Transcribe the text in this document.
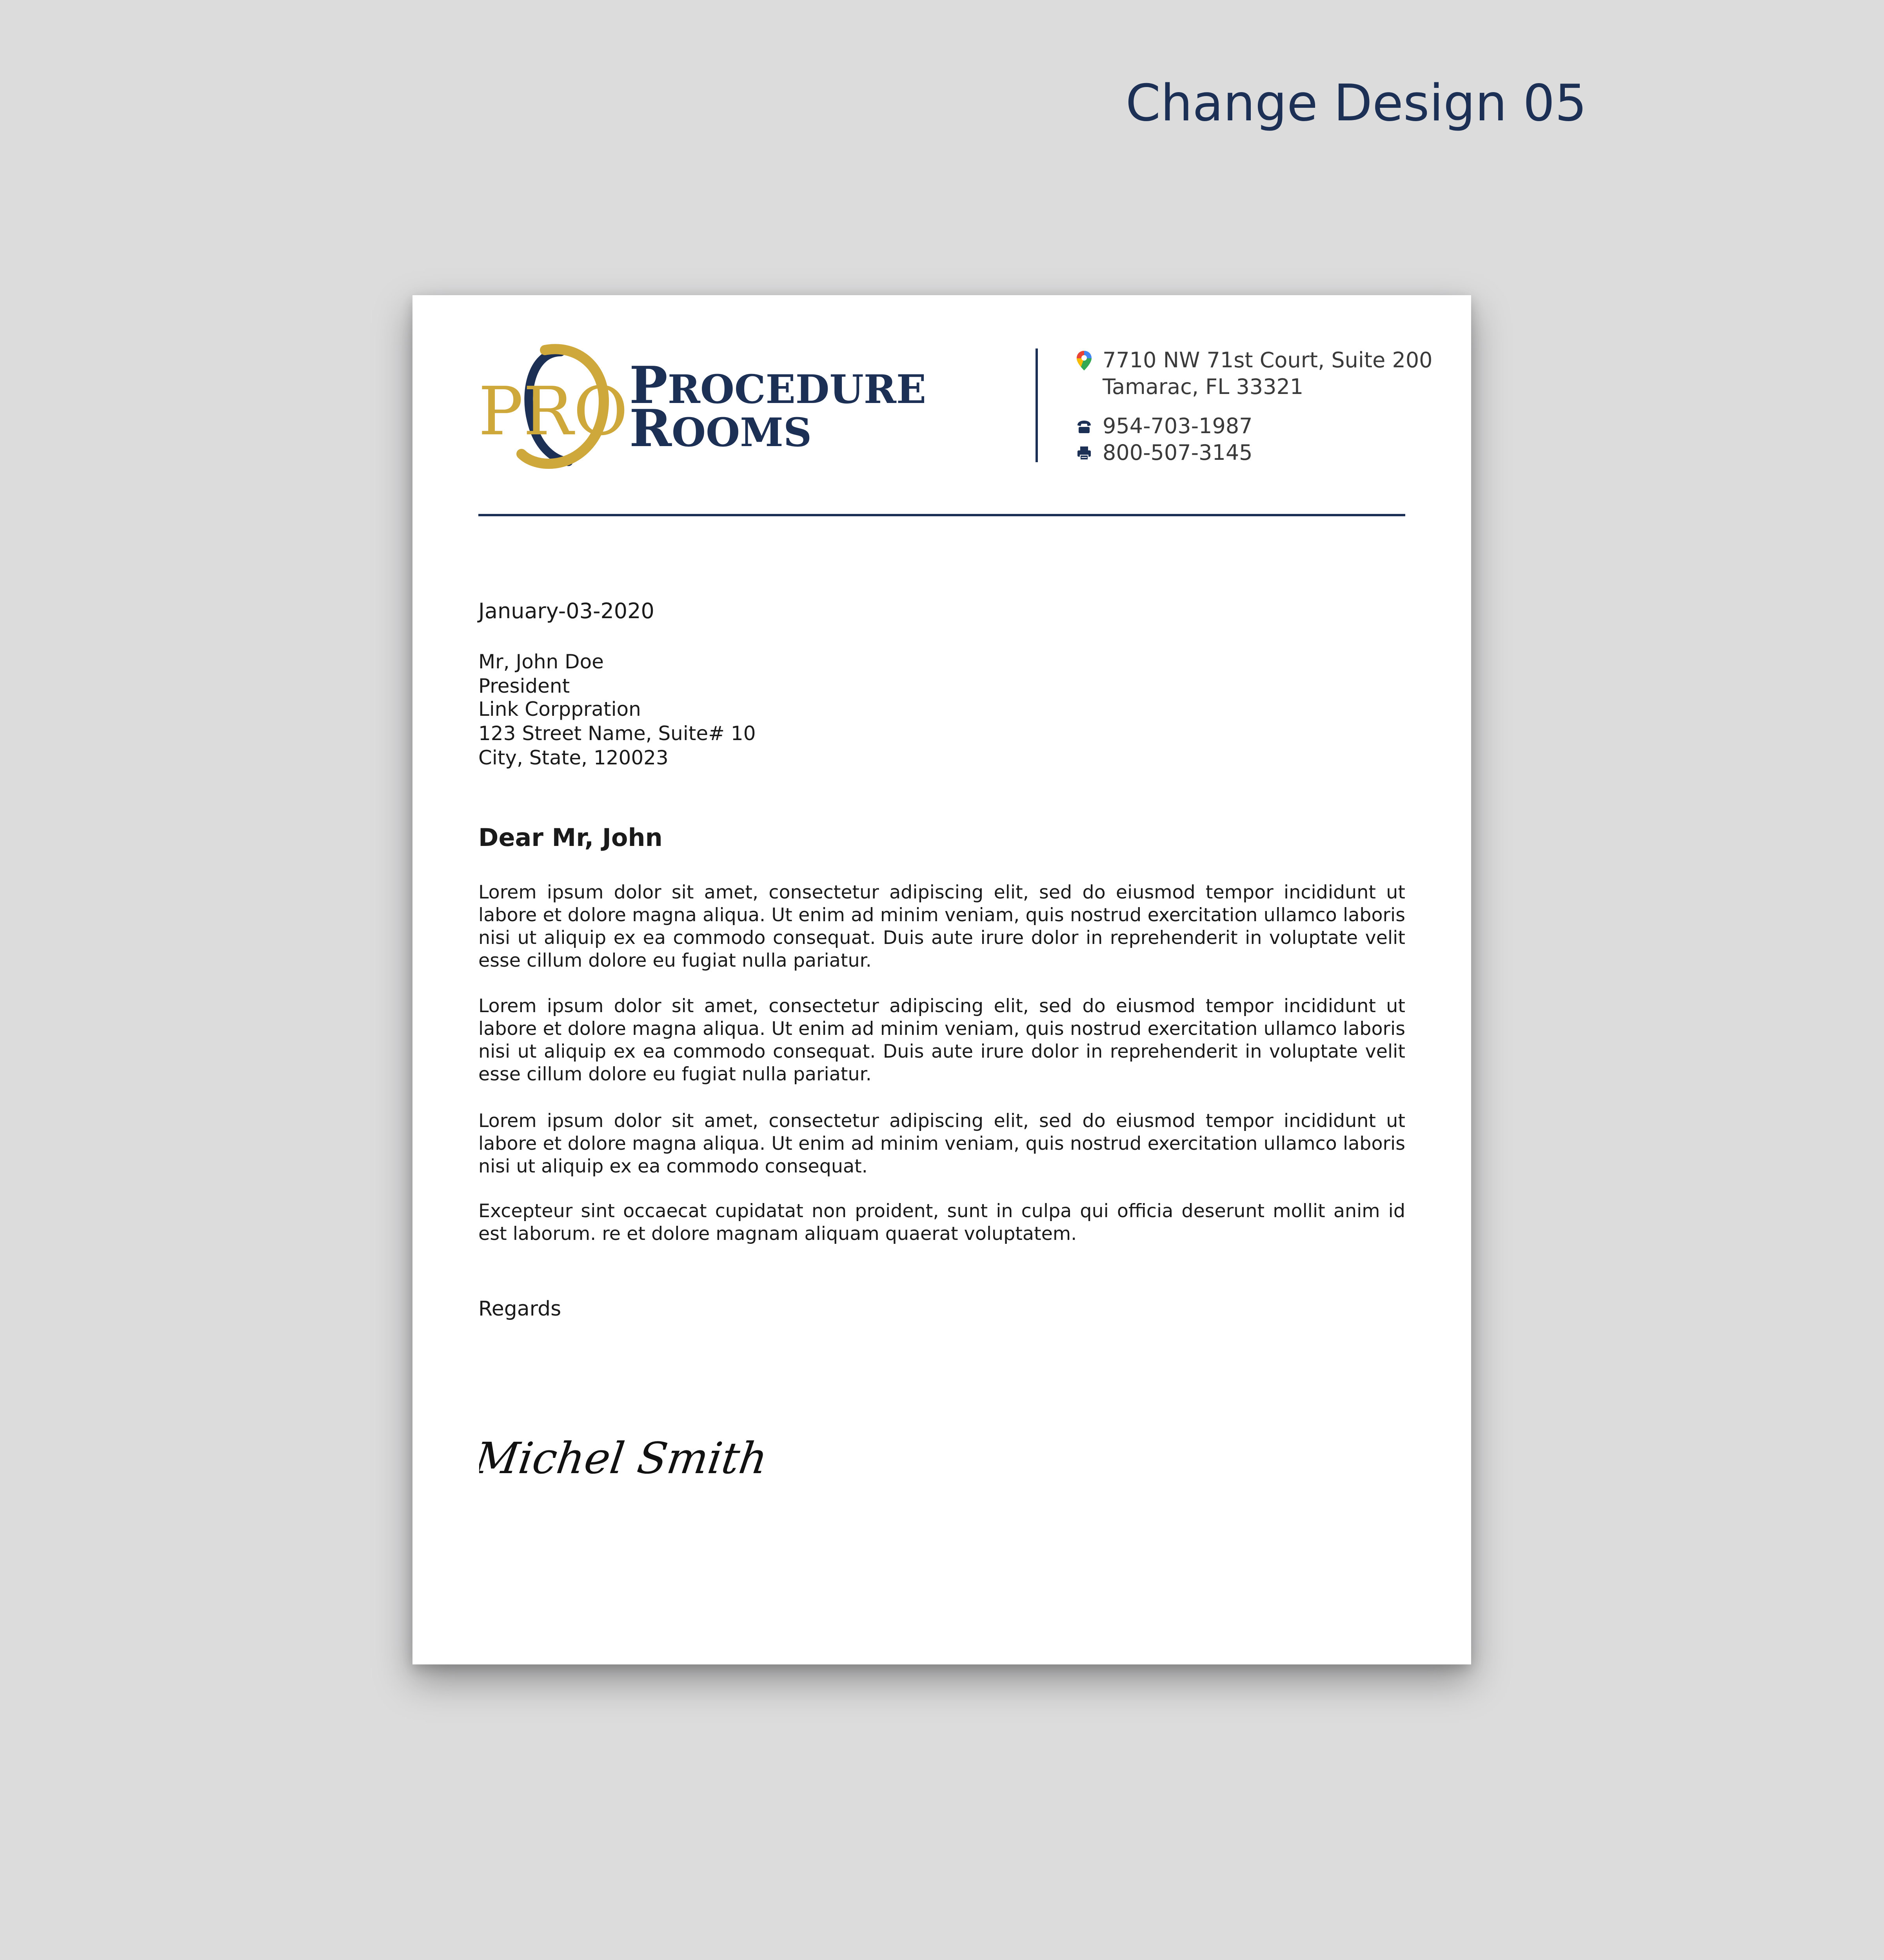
Change Design 05
PRO PROCEDURE
ROOMS
7710 NW 71st Court, Suite 200
Tamarac, FL 33321
954-703-1987
800-507-3145
January-03-2020
Mr, John Doe
President
Link Corppration
123 Street Name, Suite# 10
City, State, 120023
Dear Mr, John
Lorem ipsum dolor sit amet, consectetur adipiscing elit, sed do eiusmod tempor incididunt ut labore et dolore magna aliqua. Ut enim ad minim veniam, quis nostrud exercitation ullamco laboris nisi ut aliquip ex ea commodo consequat. Duis aute irure dolor in reprehenderit in voluptate velit esse cillum dolore eu fugiat nulla pariatur.
Lorem ipsum dolor sit amet, consectetur adipiscing elit, sed do eiusmod tempor incididunt ut labore et dolore magna aliqua. Ut enim ad minim veniam, quis nostrud exercitation ullamco laboris nisi ut aliquip ex ea commodo consequat. Duis aute irure dolor in reprehenderit in voluptate velit esse cillum dolore eu fugiat nulla pariatur.
Lorem ipsum dolor sit amet, consectetur adipiscing elit, sed do eiusmod tempor incididunt ut labore et dolore magna aliqua. Ut enim ad minim veniam, quis nostrud exercitation ullamco laboris nisi ut aliquip ex ea commodo consequat.
Excepteur sint occaecat cupidatat non proident, sunt in culpa qui officia deserunt mollit anim id est laborum. re et dolore magnam aliquam quaerat voluptatem.
Regards
Michel Smith
